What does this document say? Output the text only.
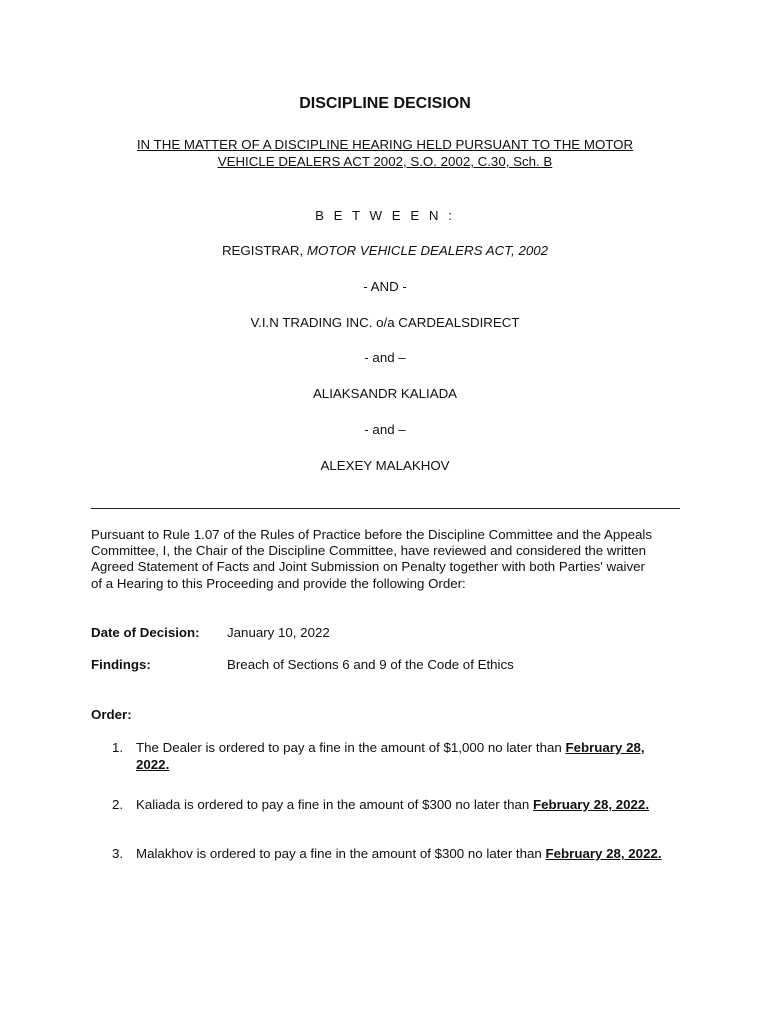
DISCIPLINE DECISION
IN THE MATTER OF A DISCIPLINE HEARING HELD PURSUANT TO THE MOTOR
VEHICLE DEALERS ACT 2002, S.O. 2002, C.30, Sch. B
B E T W E E N :
REGISTRAR, MOTOR VEHICLE DEALERS ACT, 2002
- AND -
V.I.N TRADING INC. o/a CARDEALSDIRECT
- and –
ALIAKSANDR KALIADA
- and –
ALEXEY MALAKHOV
Pursuant to Rule 1.07 of the Rules of Practice before the Discipline Committee and the Appeals
Committee, I, the Chair of the Discipline Committee, have reviewed and considered the written
Agreed Statement of Facts and Joint Submission on Penalty together with both Parties' waiver
of a Hearing to this Proceeding and provide the following Order:
Date of Decision: January 10, 2022
Findings:	Breach of Sections 6 and 9 of the Code of Ethics
Order:
1. The Dealer is ordered to pay a fine in the amount of $1,000 no later than February 28, 2022.
2. Kaliada is ordered to pay a fine in the amount of $300 no later than February 28, 2022.
3. Malakhov is ordered to pay a fine in the amount of $300 no later than February 28, 2022.
